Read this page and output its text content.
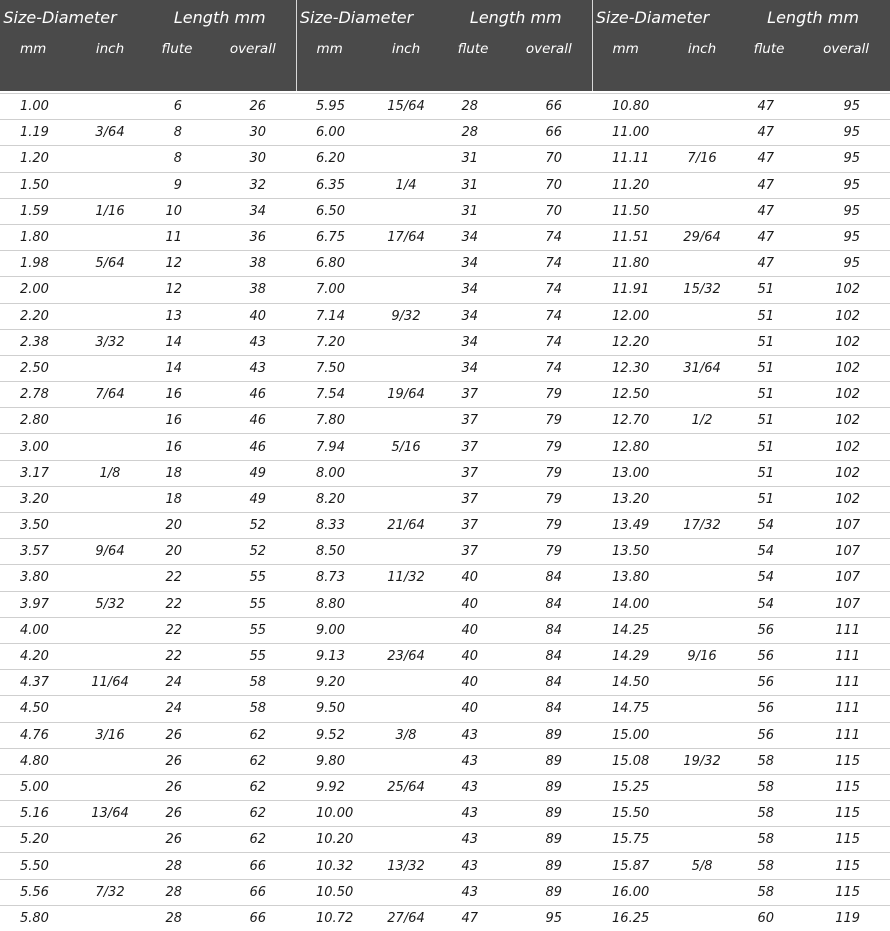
Size-Diameter		Length mm		Size-Diameter		Length mm		Size-Diameter		Length mm	
mm	inch	flute	overall	mm	inch	flute	overall	mm	inch	flute	overall

1.00		6	26	5.95	15/64	28	66	10.80		47	95
1.19	3/64	8	30	6.00		28	66	11.00		47	95
1.20		8	30	6.20		31	70	11.11	7/16	47	95
1.50		9	32	6.35	1/4	31	70	11.20		47	95
1.59	1/16	10	34	6.50		31	70	11.50		47	95
1.80		11	36	6.75	17/64	34	74	11.51	29/64	47	95
1.98	5/64	12	38	6.80		34	74	11.80		47	95
2.00		12	38	7.00		34	74	11.91	15/32	51	102
2.20		13	40	7.14	9/32	34	74	12.00		51	102
2.38	3/32	14	43	7.20		34	74	12.20		51	102
2.50		14	43	7.50		34	74	12.30	31/64	51	102
2.78	7/64	16	46	7.54	19/64	37	79	12.50		51	102
2.80		16	46	7.80		37	79	12.70	1/2	51	102
3.00		16	46	7.94	5/16	37	79	12.80		51	102
3.17	1/8	18	49	8.00		37	79	13.00		51	102
3.20		18	49	8.20		37	79	13.20		51	102
3.50		20	52	8.33	21/64	37	79	13.49	17/32	54	107
3.57	9/64	20	52	8.50		37	79	13.50		54	107
3.80		22	55	8.73	11/32	40	84	13.80		54	107
3.97	5/32	22	55	8.80		40	84	14.00		54	107
4.00		22	55	9.00		40	84	14.25		56	111
4.20		22	55	9.13	23/64	40	84	14.29	9/16	56	111
4.37	11/64	24	58	9.20		40	84	14.50		56	111
4.50		24	58	9.50		40	84	14.75		56	111
4.76	3/16	26	62	9.52	3/8	43	89	15.00		56	111
4.80		26	62	9.80		43	89	15.08	19/32	58	115
5.00		26	62	9.92	25/64	43	89	15.25		58	115
5.16	13/64	26	62	10.00		43	89	15.50		58	115
5.20		26	62	10.20		43	89	15.75		58	115
5.50		28	66	10.32	13/32	43	89	15.87	5/8	58	115
5.56	7/32	28	66	10.50		43	89	16.00		58	115
5.80		28	66	10.72	27/64	47	95	16.25		60	119
